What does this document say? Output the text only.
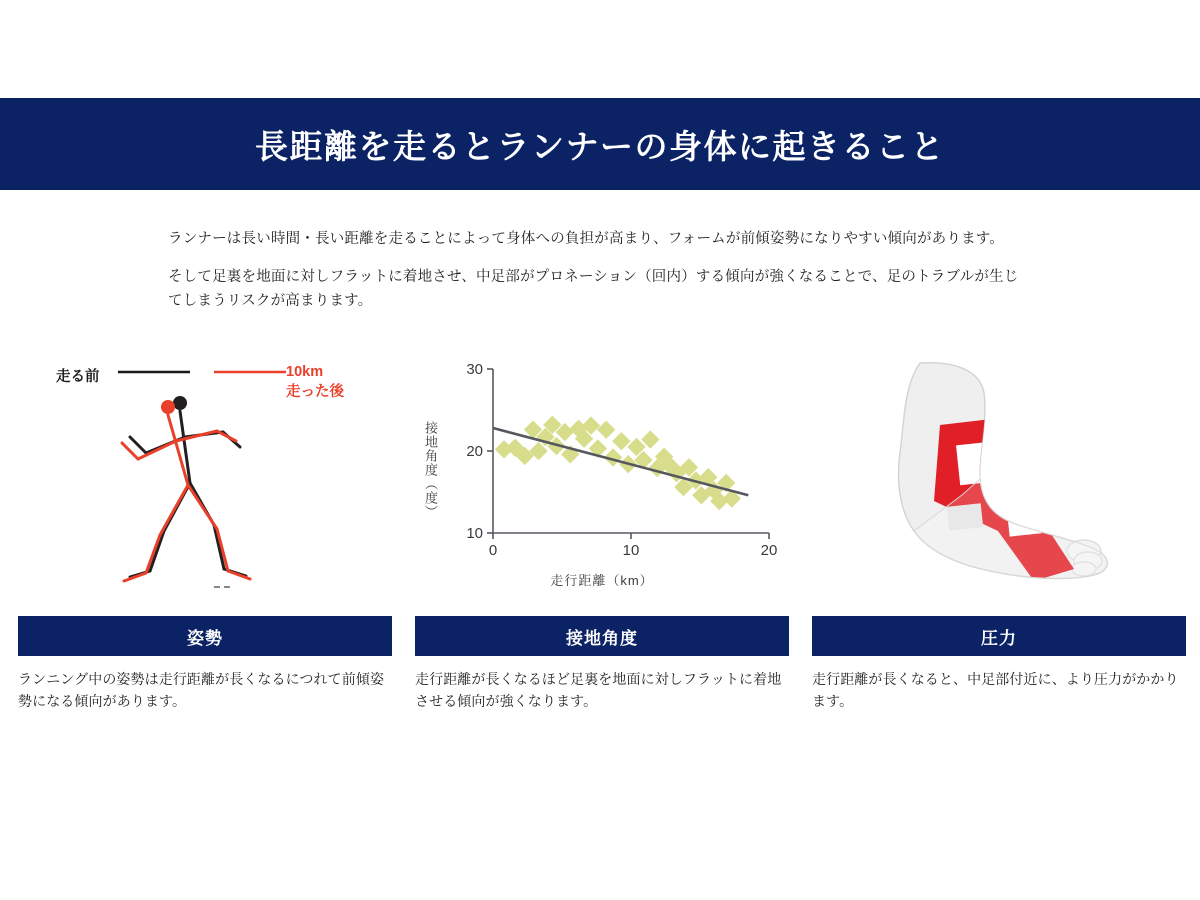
長距離を走るとランナーの身体に起きること

ランナーは長い時間・長い距離を走ることによって身体への負担が高まり、フォームが前傾姿勢になりやすい傾向があります。

そして足裏を地面に対しフラットに着地させ、中足部がプロネーション（回内）する傾向が強くなることで、足のトラブルが生じてしまうリスクが高まります。

走る前	10km
走った後
姿勢
ランニング中の姿勢は走行距離が長くなるにつれて前傾姿勢になる傾向があります。
接地角度（度）
走行距離（km）
10
20
30
0	10	20
接地角度
走行距離が長くなるほど足裏を地面に対しフラットに着地させる傾向が強くなります。
圧力
走行距離が長くなると、中足部付近に、より圧力がかかります。
